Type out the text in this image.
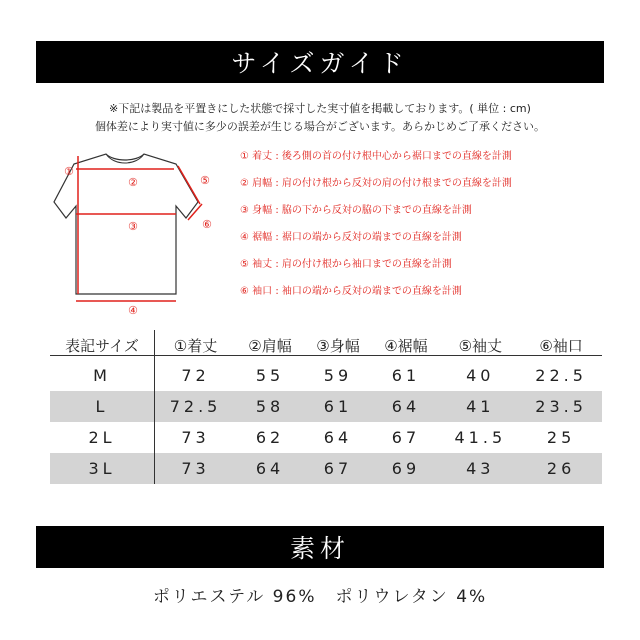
サイズガイド
※下記は製品を平置きにした状態で採寸した実寸値を掲載しております。( 単位 : cm)
個体差により実寸値に多少の誤差が生じる場合がございます。あらかじめご了承ください。
①
②
③
④
⑤
⑥
① 着丈 : 後ろ側の首の付け根中心から裾口までの直線を計測
② 肩幅 : 肩の付け根から反対の肩の付け根までの直線を計測
③ 身幅 : 脇の下から反対の脇の下までの直線を計測
④ 裾幅 : 裾口の端から反対の端までの直線を計測
⑤ 袖丈 : 肩の付け根から袖口までの直線を計測
⑥ 袖口 : 袖口の端から反対の端までの直線を計測
表記サイズ	①着丈	②肩幅	③身幅	④裾幅	⑤袖丈	⑥袖口
M	72	55	59	61	40	22.5
L	72.5	58	61	64	41	23.5
2L	73	62	64	67	41.5	25
3L	73	64	67	69	43	26
素材
ポリエステル 96%　ポリウレタン 4%
